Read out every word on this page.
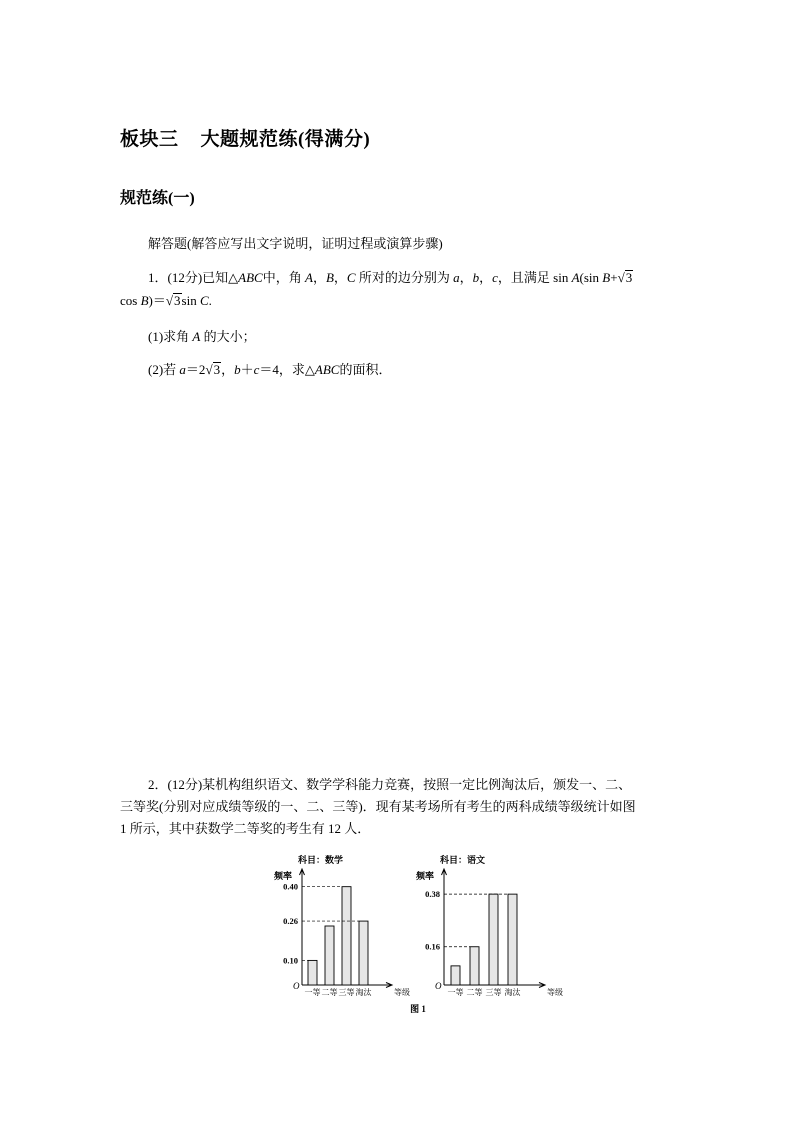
板块三 大题规范练(得满分)
规范练(一)
解答题(解答应写出文字说明，证明过程或演算步骤)
1．(12分)已知△ABC中，角 A，B，C 所对的边分别为 a，b，c，且满足 sin A(sin B+√3
cos B)＝√3sin C.
(1)求角 A 的大小；
(2)若 a＝2√3，b＋c＝4，求△ABC的面积．
2．(12分)某机构组织语文、数学学科能力竞赛，按照一定比例淘汰后，颁发一、二、
三等奖(分别对应成绩等级的一、二、三等)．现有某考场所有考生的两科成绩等级统计如图
1 所示，其中获数学二等奖的考生有 12 人．
科目：数学
频率
O
一等 二等 三等 淘汰	等级
0.10
0.26
0.40
科目：语文
频率
O
一等 二等 三等 淘汰	等级
0.16
0.38
图 1
